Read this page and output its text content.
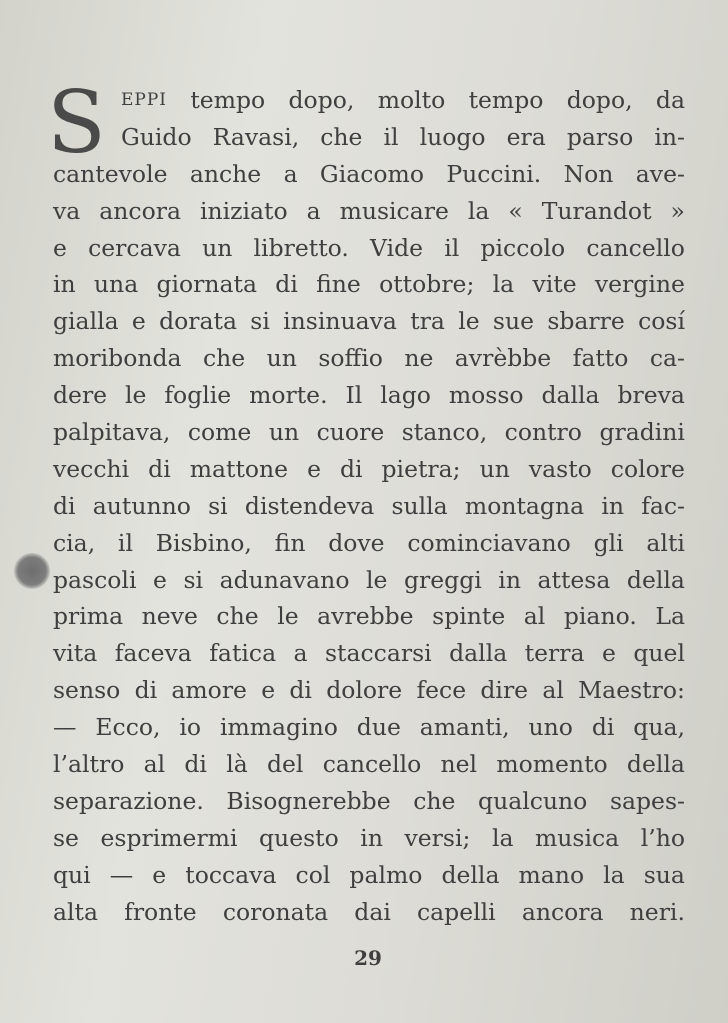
S EPPI tempo dopo, molto tempo dopo, da
Guido Ravasi, che il luogo era parso in-
cantevole anche a Giacomo Puccini. Non ave-
va ancora iniziato a musicare la « Turandot »
e cercava un libretto. Vide il piccolo cancello
in una giornata di fine ottobre; la vite vergine
gialla e dorata si insinuava tra le sue sbarre cosí
moribonda che un soffio ne avrèbbe fatto ca-
dere le foglie morte. Il lago mosso dalla breva
palpitava, come un cuore stanco, contro gradini
vecchi di mattone e di pietra; un vasto colore
di autunno si distendeva sulla montagna in fac-
cia, il Bisbino, fin dove cominciavano gli alti
pascoli e si adunavano le greggi in attesa della
prima neve che le avrebbe spinte al piano. La
vita faceva fatica a staccarsi dalla terra e quel
senso di amore e di dolore fece dire al Maestro:
— Ecco, io immagino due amanti, uno di qua,
l’altro al di là del cancello nel momento della
separazione. Bisognerebbe che qualcuno sapes-
se esprimermi questo in versi; la musica l’ho
qui — e toccava col palmo della mano la sua
alta fronte coronata dai capelli ancora neri.
29
